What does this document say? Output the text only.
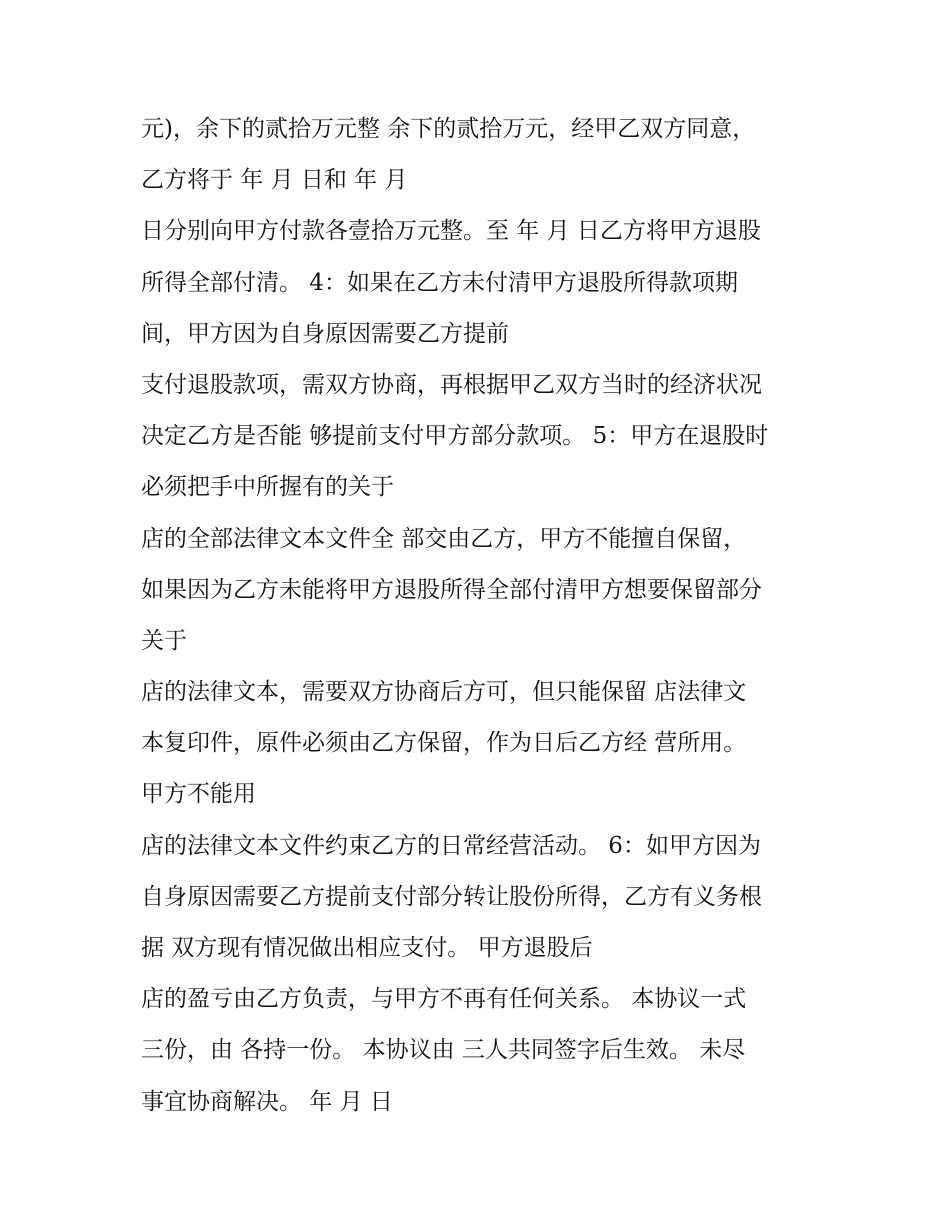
元)，余下的贰拾万元整 余下的贰拾万元，经甲乙双方同意，
乙方将于 年 月 日和 年 月
日分别向甲方付款各壹拾万元整。至 年 月 日乙方将甲方退股
所得全部付清。 4：如果在乙方未付清甲方退股所得款项期
间，甲方因为自身原因需要乙方提前
支付退股款项，需双方协商，再根据甲乙双方当时的经济状况
决定乙方是否能 够提前支付甲方部分款项。 5：甲方在退股时
必须把手中所握有的关于
店的全部法律文本文件全 部交由乙方，甲方不能擅自保留，
如果因为乙方未能将甲方退股所得全部付清甲方想要保留部分
关于
店的法律文本，需要双方协商后方可，但只能保留 店法律文
本复印件，原件必须由乙方保留，作为日后乙方经 营所用。
甲方不能用
店的法律文本文件约束乙方的日常经营活动。 6：如甲方因为
自身原因需要乙方提前支付部分转让股份所得，乙方有义务根
据 双方现有情况做出相应支付。 甲方退股后
店的盈亏由乙方负责，与甲方不再有任何关系。 本协议一式
三份，由 各持一份。 本协议由 三人共同签字后生效。 未尽
事宜协商解决。 年 月 日
